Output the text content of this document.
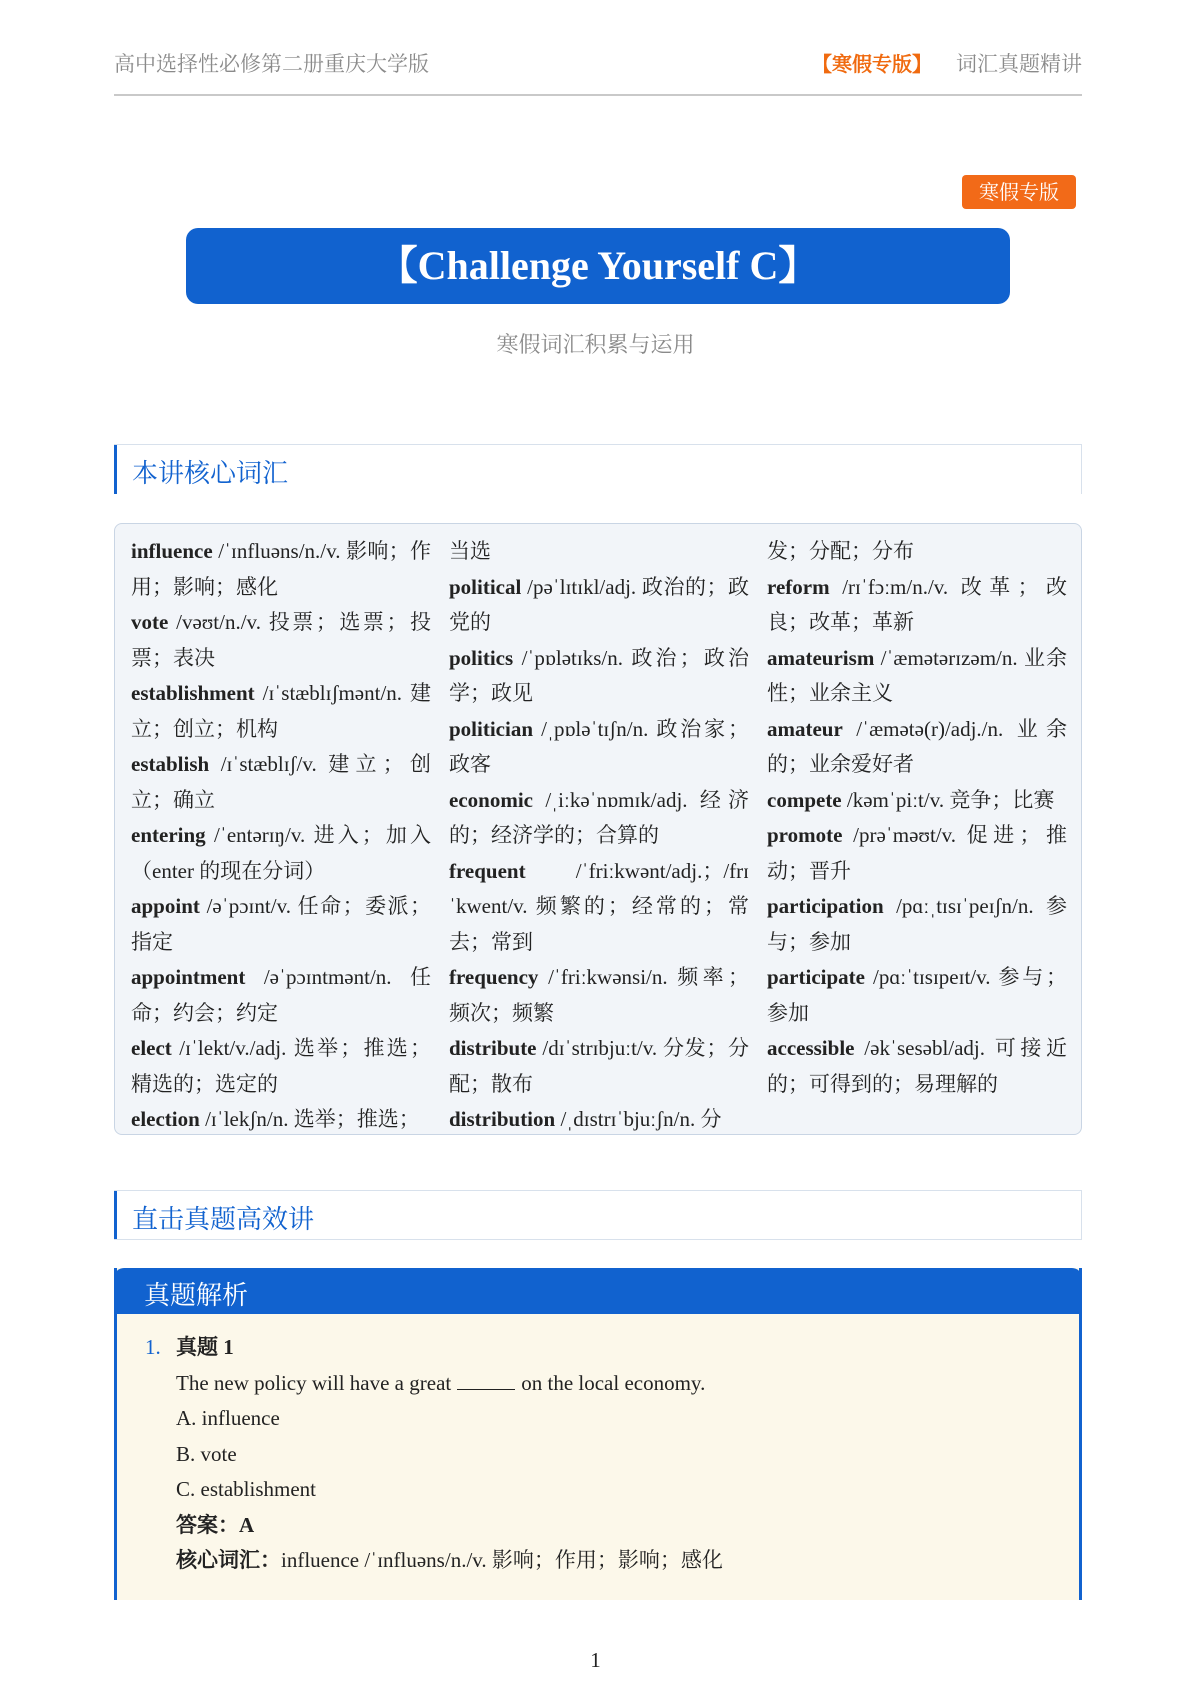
高中选择性必修第二册重庆大学版	【寒假专版】 词汇真题精讲
寒假专版
【Challenge Yourself C】
寒假词汇积累与运用
本讲核心词汇

influence /ˈɪnfluəns/n./v. 影响；作用；影响；感化

vote /vəʊt/n./v. 投票；选票；投票；表决

establishment /ɪˈstæblɪʃmənt/n. 建立；创立；机构

establish /ɪˈstæblɪʃ/v. 建立；创立；确立

entering /ˈentərɪŋ/v. 进入；加入（enter 的现在分词）

appoint /əˈpɔɪnt/v. 任命；委派；指定

appointment /əˈpɔɪntmənt/n. 任命；约会；约定

elect /ɪˈlekt/v./adj. 选举；推选；精选的；选定的

election /ɪˈlekʃn/n. 选举；推选；

当选

political /pəˈlɪtɪkl/adj. 政治的；政党的

politics /ˈpɒlətɪks/n. 政治；政治学；政见

politician /ˌpɒləˈtɪʃn/n. 政治家；政客

economic /ˌiːkəˈnɒmɪk/adj. 经济的；经济学的；合算的

frequent /ˈfriːkwənt/adj.；/frɪˈkwent/v. 频繁的；经常的；常去；常到

frequency /ˈfriːkwənsi/n. 频率；频次；频繁

distribute /dɪˈstrɪbjuːt/v. 分发；分配；散布

distribution /ˌdɪstrɪˈbjuːʃn/n. 分

发；分配；分布

reform /rɪˈfɔːm/n./v. 改革；改良；改革；革新

amateurism /ˈæmətərɪzəm/n. 业余性；业余主义

amateur /ˈæmətə(r)/adj./n. 业余的；业余爱好者

compete /kəmˈpiːt/v. 竞争；比赛

promote /prəˈməʊt/v. 促进；推动；晋升

participation /pɑːˌtɪsɪˈpeɪʃn/n. 参与；参加

participate /pɑːˈtɪsɪpeɪt/v. 参与；参加

accessible /əkˈsesəbl/adj. 可接近的；可得到的；易理解的

直击真题高效讲
真题解析
1. 真题 1
The new policy will have a great	on the local economy.
A. influence
B. vote
C. establishment
答案：A
核心词汇：influence /ˈɪnfluəns/n./v. 影响；作用；影响；感化
1
